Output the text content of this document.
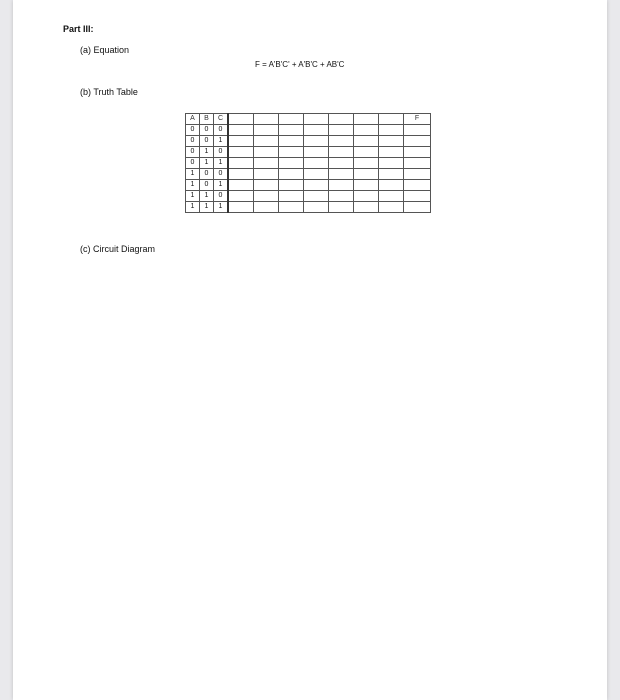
Part III:
(a) Equation
F = A'B'C' + A'B'C + AB'C
(b) Truth Table
A	B	C								F
0	0	0								
0	0	1								
0	1	0								
0	1	1								
1	0	0								
1	0	1								
1	1	0								
1	1	1								
(c) Circuit Diagram
